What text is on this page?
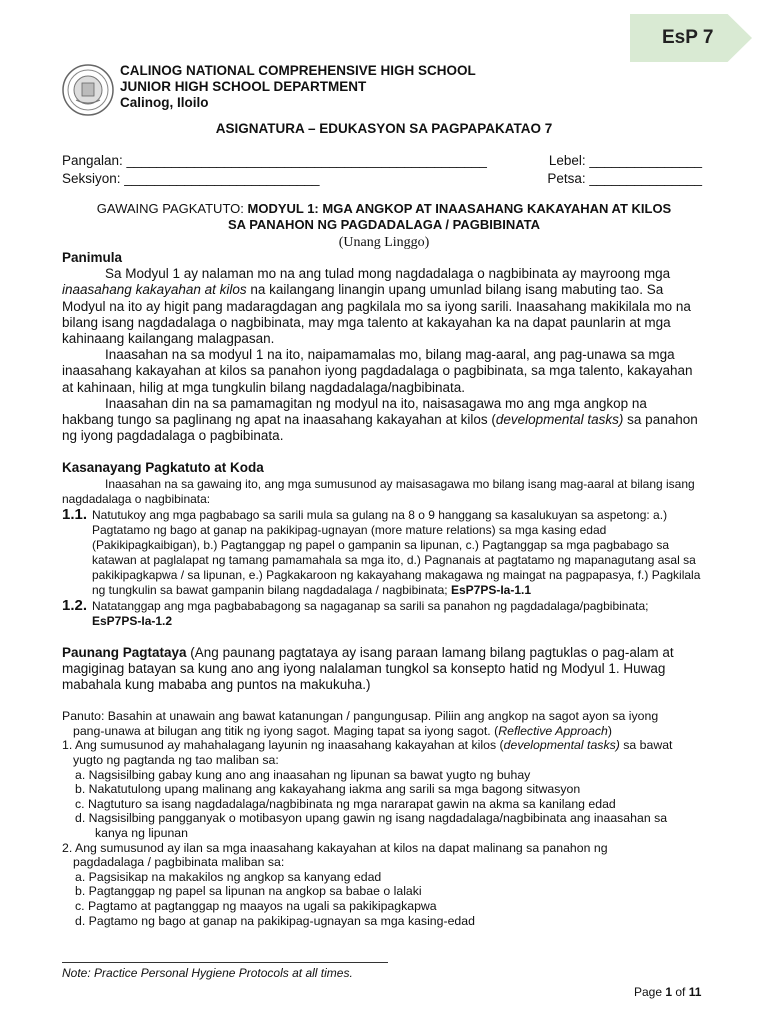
EsP 7
CALINOG NATIONAL COMPREHENSIVE HIGH SCHOOL
JUNIOR HIGH SCHOOL DEPARTMENT
Calinog, Iloilo
ASIGNATURA – EDUKASYON SA PAGPAPAKATAO 7
Pangalan: ________________________________________________	Lebel: _______________
Seksiyon: __________________________	Petsa: _______________
GAWAING PAGKATUTO: MODYUL 1: MGA ANGKOP AT INAASAHANG KAKAYAHAN AT KILOS
SA PANAHON NG PAGDADALAGA / PAGBIBINATA
(Unang Linggo)
Panimula

Sa Modyul 1 ay nalaman mo na ang tulad mong nagdadalaga o nagbibinata ay mayroong mga inaasahang kakayahan at kilos na kailangang linangin upang umunlad bilang isang mabuting tao. Sa Modyul na ito ay higit pang madaragdagan ang pagkilala mo sa iyong sarili. Inaasahang makikilala mo na bilang isang nagdadalaga o nagbibinata, may mga talento at kakayahan ka na dapat paunlarin at mga kahinaang kailangang malagpasan.

Inaasahan na sa modyul 1 na ito, naipamamalas mo, bilang mag-aaral, ang pag-unawa sa mga inaasahang kakayahan at kilos sa panahon iyong pagdadalaga o pagbibinata, sa mga talento, kakayahan at kahinaan, hilig at mga tungkulin bilang nagdadalaga/nagbibinata.

Inaasahan din na sa pamamagitan ng modyul na ito, naisasagawa mo ang mga angkop na hakbang tungo sa paglinang ng apat na inaasahang kakayahan at kilos (developmental tasks) sa panahon ng iyong pagdadalaga o pagbibinata.

Kasanayang Pagkatuto at Koda

Inaasahan na sa gawaing ito, ang mga sumusunod ay maisasagawa mo bilang isang mag-aaral at bilang isang nagdadalaga o nagbibinata:

1.1. Natutukoy ang mga pagbabago sa sarili mula sa gulang na 8 o 9 hanggang sa kasalukuyan sa aspetong: a.) Pagtatamo ng bago at ganap na pakikipag-ugnayan (more mature relations) sa mga kasing edad (Pakikipagkaibigan), b.) Pagtanggap ng papel o gampanin sa lipunan, c.) Pagtanggap sa mga pagbabago sa katawan at paglalapat ng tamang pamamahala sa mga ito, d.) Pagnanais at pagtatamo ng mapanagutang asal sa pakikipagkapwa / sa lipunan, e.) Pagkakaroon ng kakayahang makagawa ng maingat na pagpapasya, f.) Pagkilala ng tungkulin sa bawat gampanin bilang nagdadalaga / nagbibinata; EsP7PS-Ia-1.1
1.2. Natatanggap ang mga pagbababagong sa nagaganap sa sarili sa panahon ng pagdadalaga/pagbibinata;
EsP7PS-Ia-1.2

Paunang Pagtataya (Ang paunang pagtataya ay isang paraan lamang bilang pagtuklas o pag-alam at magiginag batayan sa kung ano ang iyong nalalaman tungkol sa konsepto hatid ng Modyul 1. Huwag mabahala kung mababa ang puntos na makukuha.)

Panuto: Basahin at unawain ang bawat katanungan / pangungusap. Piliin ang angkop na sagot ayon sa iyong
pang-unawa at bilugan ang titik ng iyong sagot. Maging tapat sa iyong sagot. (Reflective Approach)
1. Ang sumusunod ay mahahalagang layunin ng inaasahang kakayahan at kilos (developmental tasks) sa bawat
yugto ng pagtanda ng tao maliban sa:
a. Nagsisilbing gabay kung ano ang inaasahan ng lipunan sa bawat yugto ng buhay
b. Nakatutulong upang malinang ang kakayahang iakma ang sarili sa mga bagong sitwasyon
c. Nagtuturo sa isang nagdadalaga/nagbibinata ng mga nararapat gawin na akma sa kanilang edad
d. Nagsisilbing pangganyak o motibasyon upang gawin ng isang nagdadalaga/nagbibinata ang inaasahan sa
kanya ng lipunan
2. Ang sumusunod ay ilan sa mga inaasahang kakayahan at kilos na dapat malinang sa panahon ng
pagdadalaga / pagbibinata maliban sa:
a. Pagsisikap na makakilos ng angkop sa kanyang edad
b. Pagtanggap ng papel sa lipunan na angkop sa babae o lalaki
c. Pagtamo at pagtanggap ng maayos na ugali sa pakikipagkapwa
d. Pagtamo ng bago at ganap na pakikipag-ugnayan sa mga kasing-edad
Note: Practice Personal Hygiene Protocols at all times.
Page 1 of 11
